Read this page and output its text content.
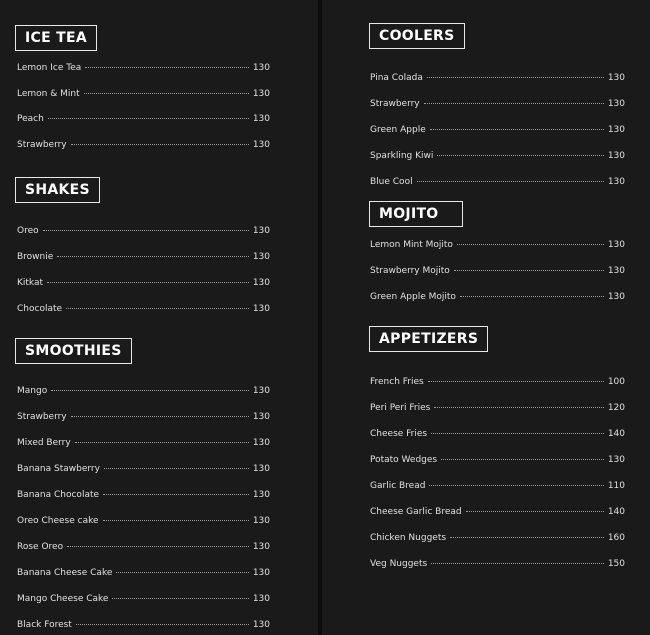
ICE TEA
Lemon Ice Tea	130
Lemon & Mint	130
Peach	130
Strawberry	130
SHAKES
Oreo	130
Brownie	130
Kitkat	130
Chocolate	130
SMOOTHIES
Mango	130
Strawberry	130
Mixed Berry	130
Banana Stawberry	130
Banana Chocolate	130
Oreo Cheese cake	130
Rose Oreo	130
Banana Cheese Cake	130
Mango Cheese Cake	130
Black Forest	130
COOLERS
Pina Colada	130
Strawberry	130
Green Apple	130
Sparkling Kiwi	130
Blue Cool	130
MOJITO
Lemon Mint Mojito	130
Strawberry Mojito	130
Green Apple Mojito	130
APPETIZERS
French Fries	100
Peri Peri Fries	120
Cheese Fries	140
Potato Wedges	130
Garlic Bread	110
Cheese Garlic Bread	140
Chicken Nuggets	160
Veg Nuggets	150
